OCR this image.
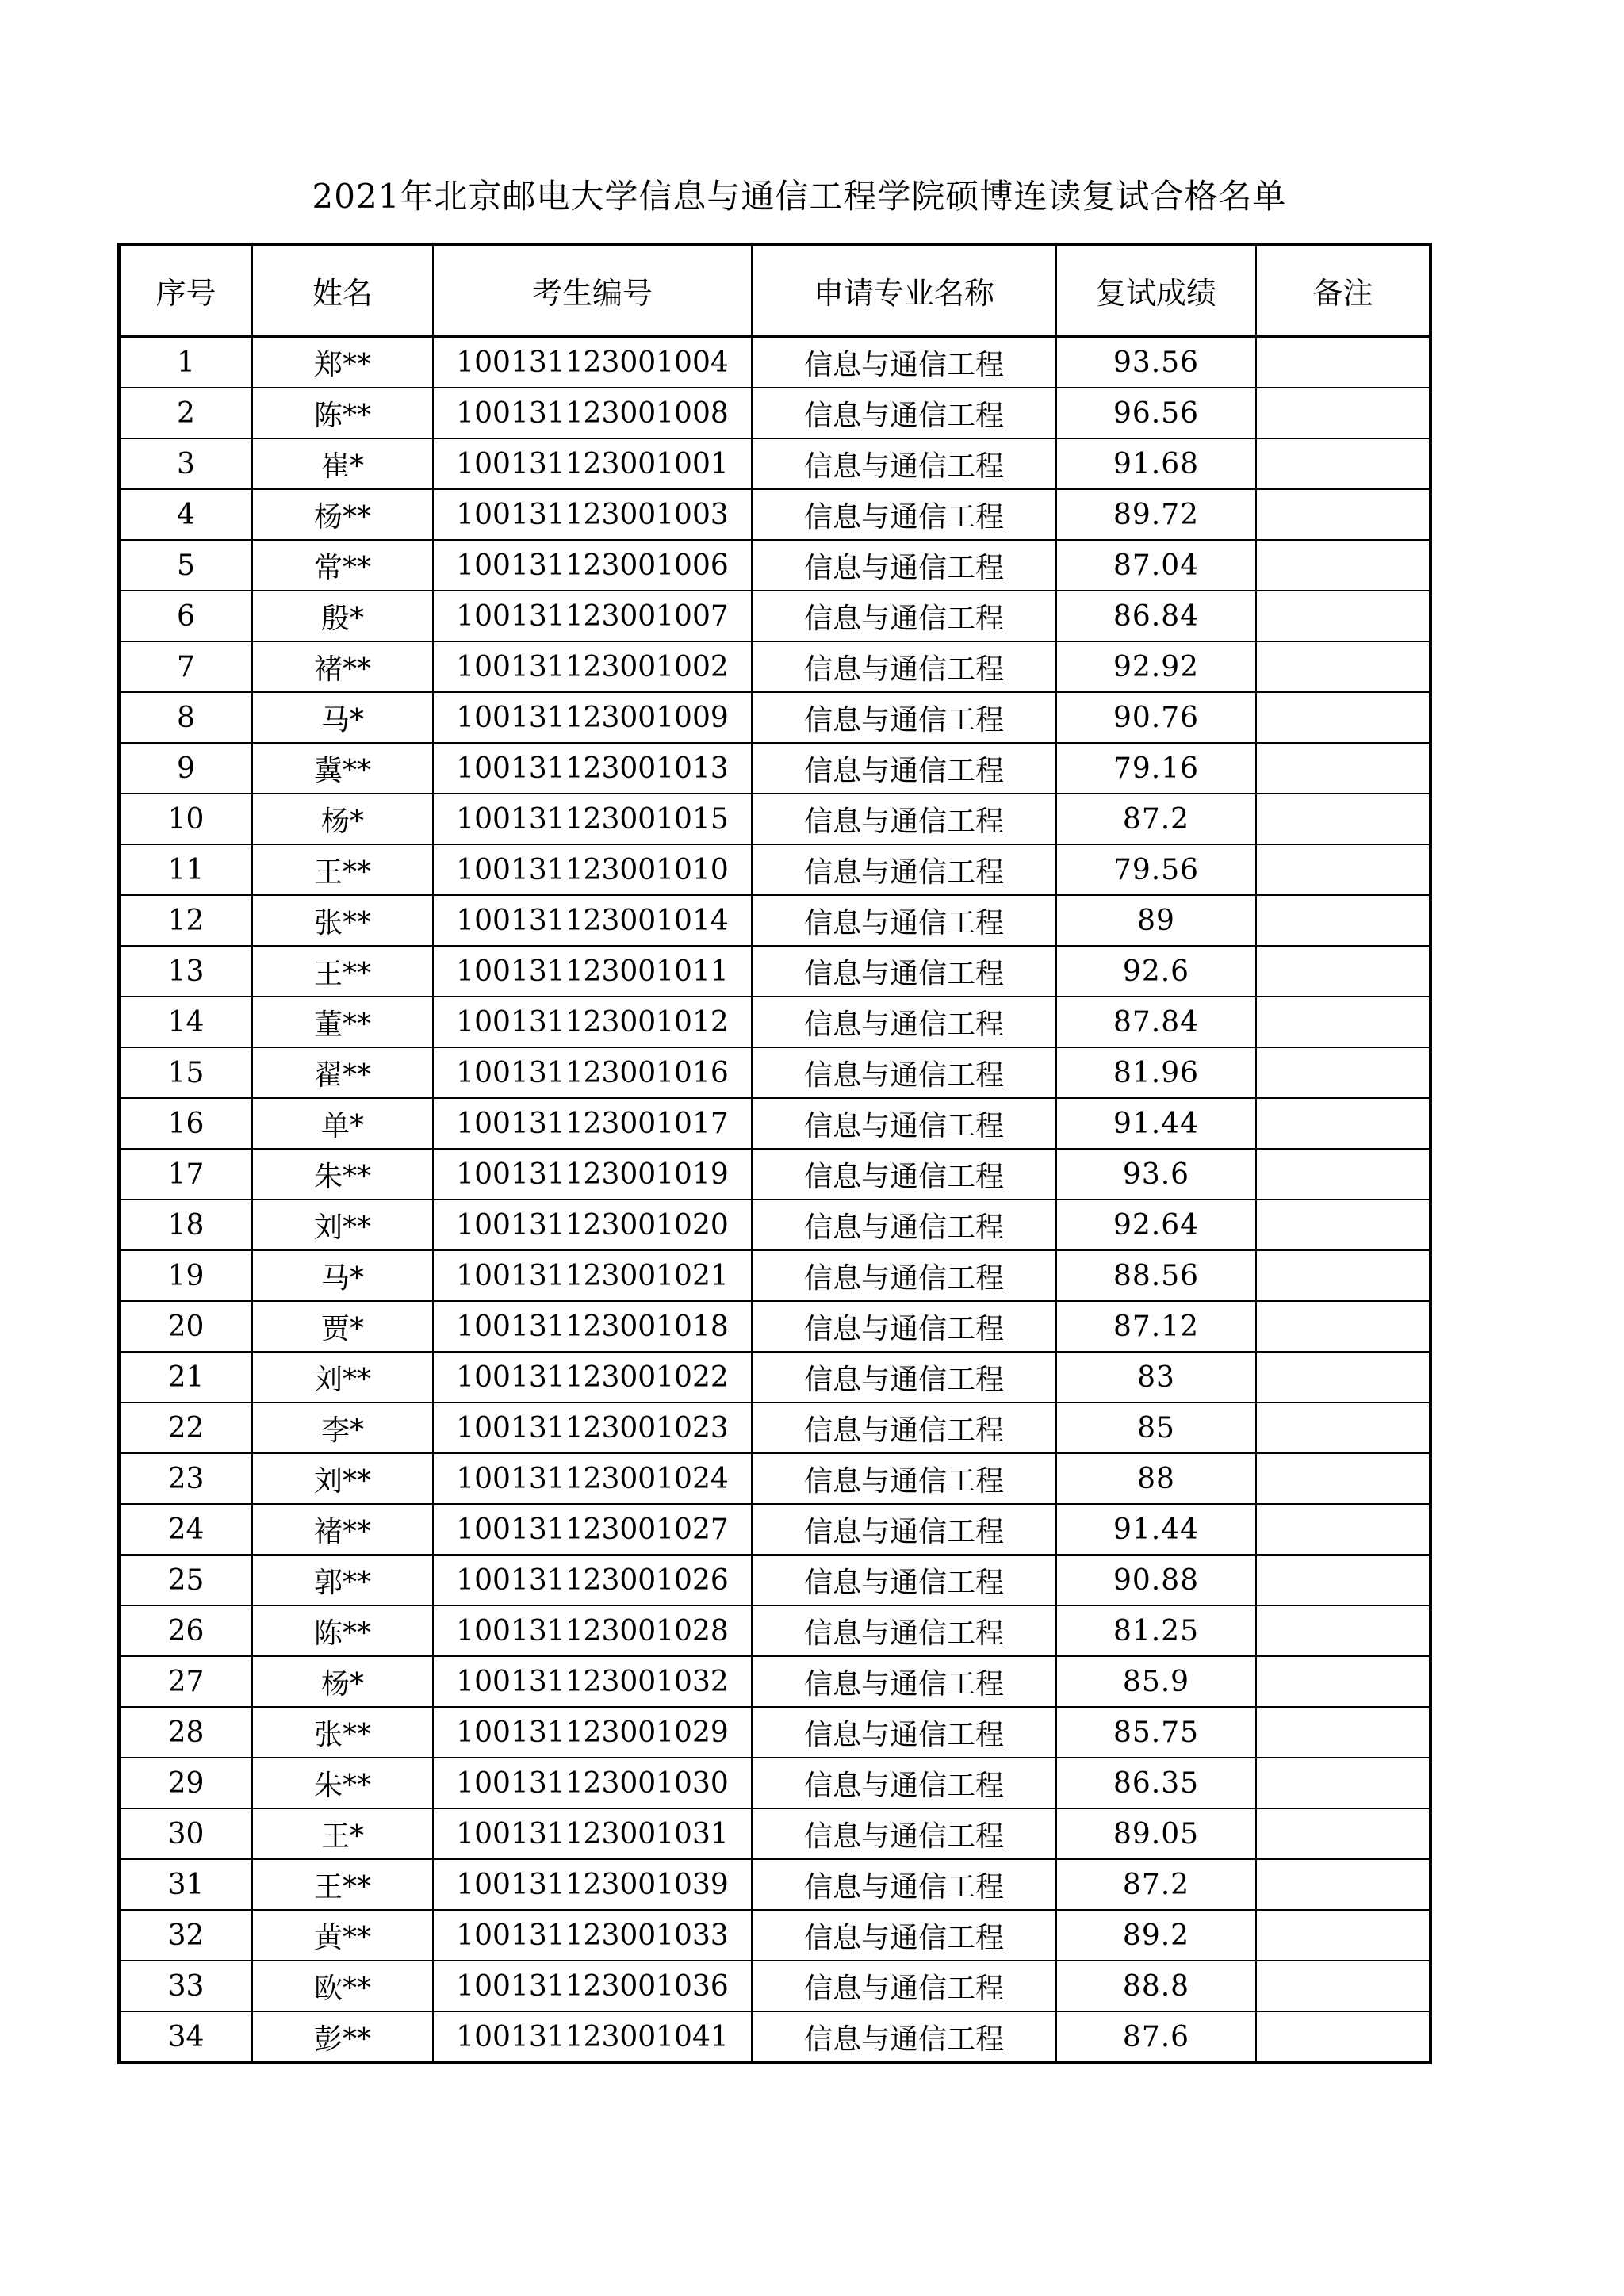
2021年北京邮电大学信息与通信工程学院硕博连读复试合格名单
序号	姓名	考生编号	申请专业名称	复试成绩	备注
1	郑**	100131123001004	信息与通信工程	93.56	
2	陈**	100131123001008	信息与通信工程	96.56	
3	崔*	100131123001001	信息与通信工程	91.68	
4	杨**	100131123001003	信息与通信工程	89.72	
5	常**	100131123001006	信息与通信工程	87.04	
6	殷*	100131123001007	信息与通信工程	86.84	
7	褚**	100131123001002	信息与通信工程	92.92	
8	马*	100131123001009	信息与通信工程	90.76	
9	冀**	100131123001013	信息与通信工程	79.16	
10	杨*	100131123001015	信息与通信工程	87.2	
11	王**	100131123001010	信息与通信工程	79.56	
12	张**	100131123001014	信息与通信工程	89	
13	王**	100131123001011	信息与通信工程	92.6	
14	董**	100131123001012	信息与通信工程	87.84	
15	翟**	100131123001016	信息与通信工程	81.96	
16	单*	100131123001017	信息与通信工程	91.44	
17	朱**	100131123001019	信息与通信工程	93.6	
18	刘**	100131123001020	信息与通信工程	92.64	
19	马*	100131123001021	信息与通信工程	88.56	
20	贾*	100131123001018	信息与通信工程	87.12	
21	刘**	100131123001022	信息与通信工程	83	
22	李*	100131123001023	信息与通信工程	85	
23	刘**	100131123001024	信息与通信工程	88	
24	褚**	100131123001027	信息与通信工程	91.44	
25	郭**	100131123001026	信息与通信工程	90.88	
26	陈**	100131123001028	信息与通信工程	81.25	
27	杨*	100131123001032	信息与通信工程	85.9	
28	张**	100131123001029	信息与通信工程	85.75	
29	朱**	100131123001030	信息与通信工程	86.35	
30	王*	100131123001031	信息与通信工程	89.05	
31	王**	100131123001039	信息与通信工程	87.2	
32	黄**	100131123001033	信息与通信工程	89.2	
33	欧**	100131123001036	信息与通信工程	88.8	
34	彭**	100131123001041	信息与通信工程	87.6	
